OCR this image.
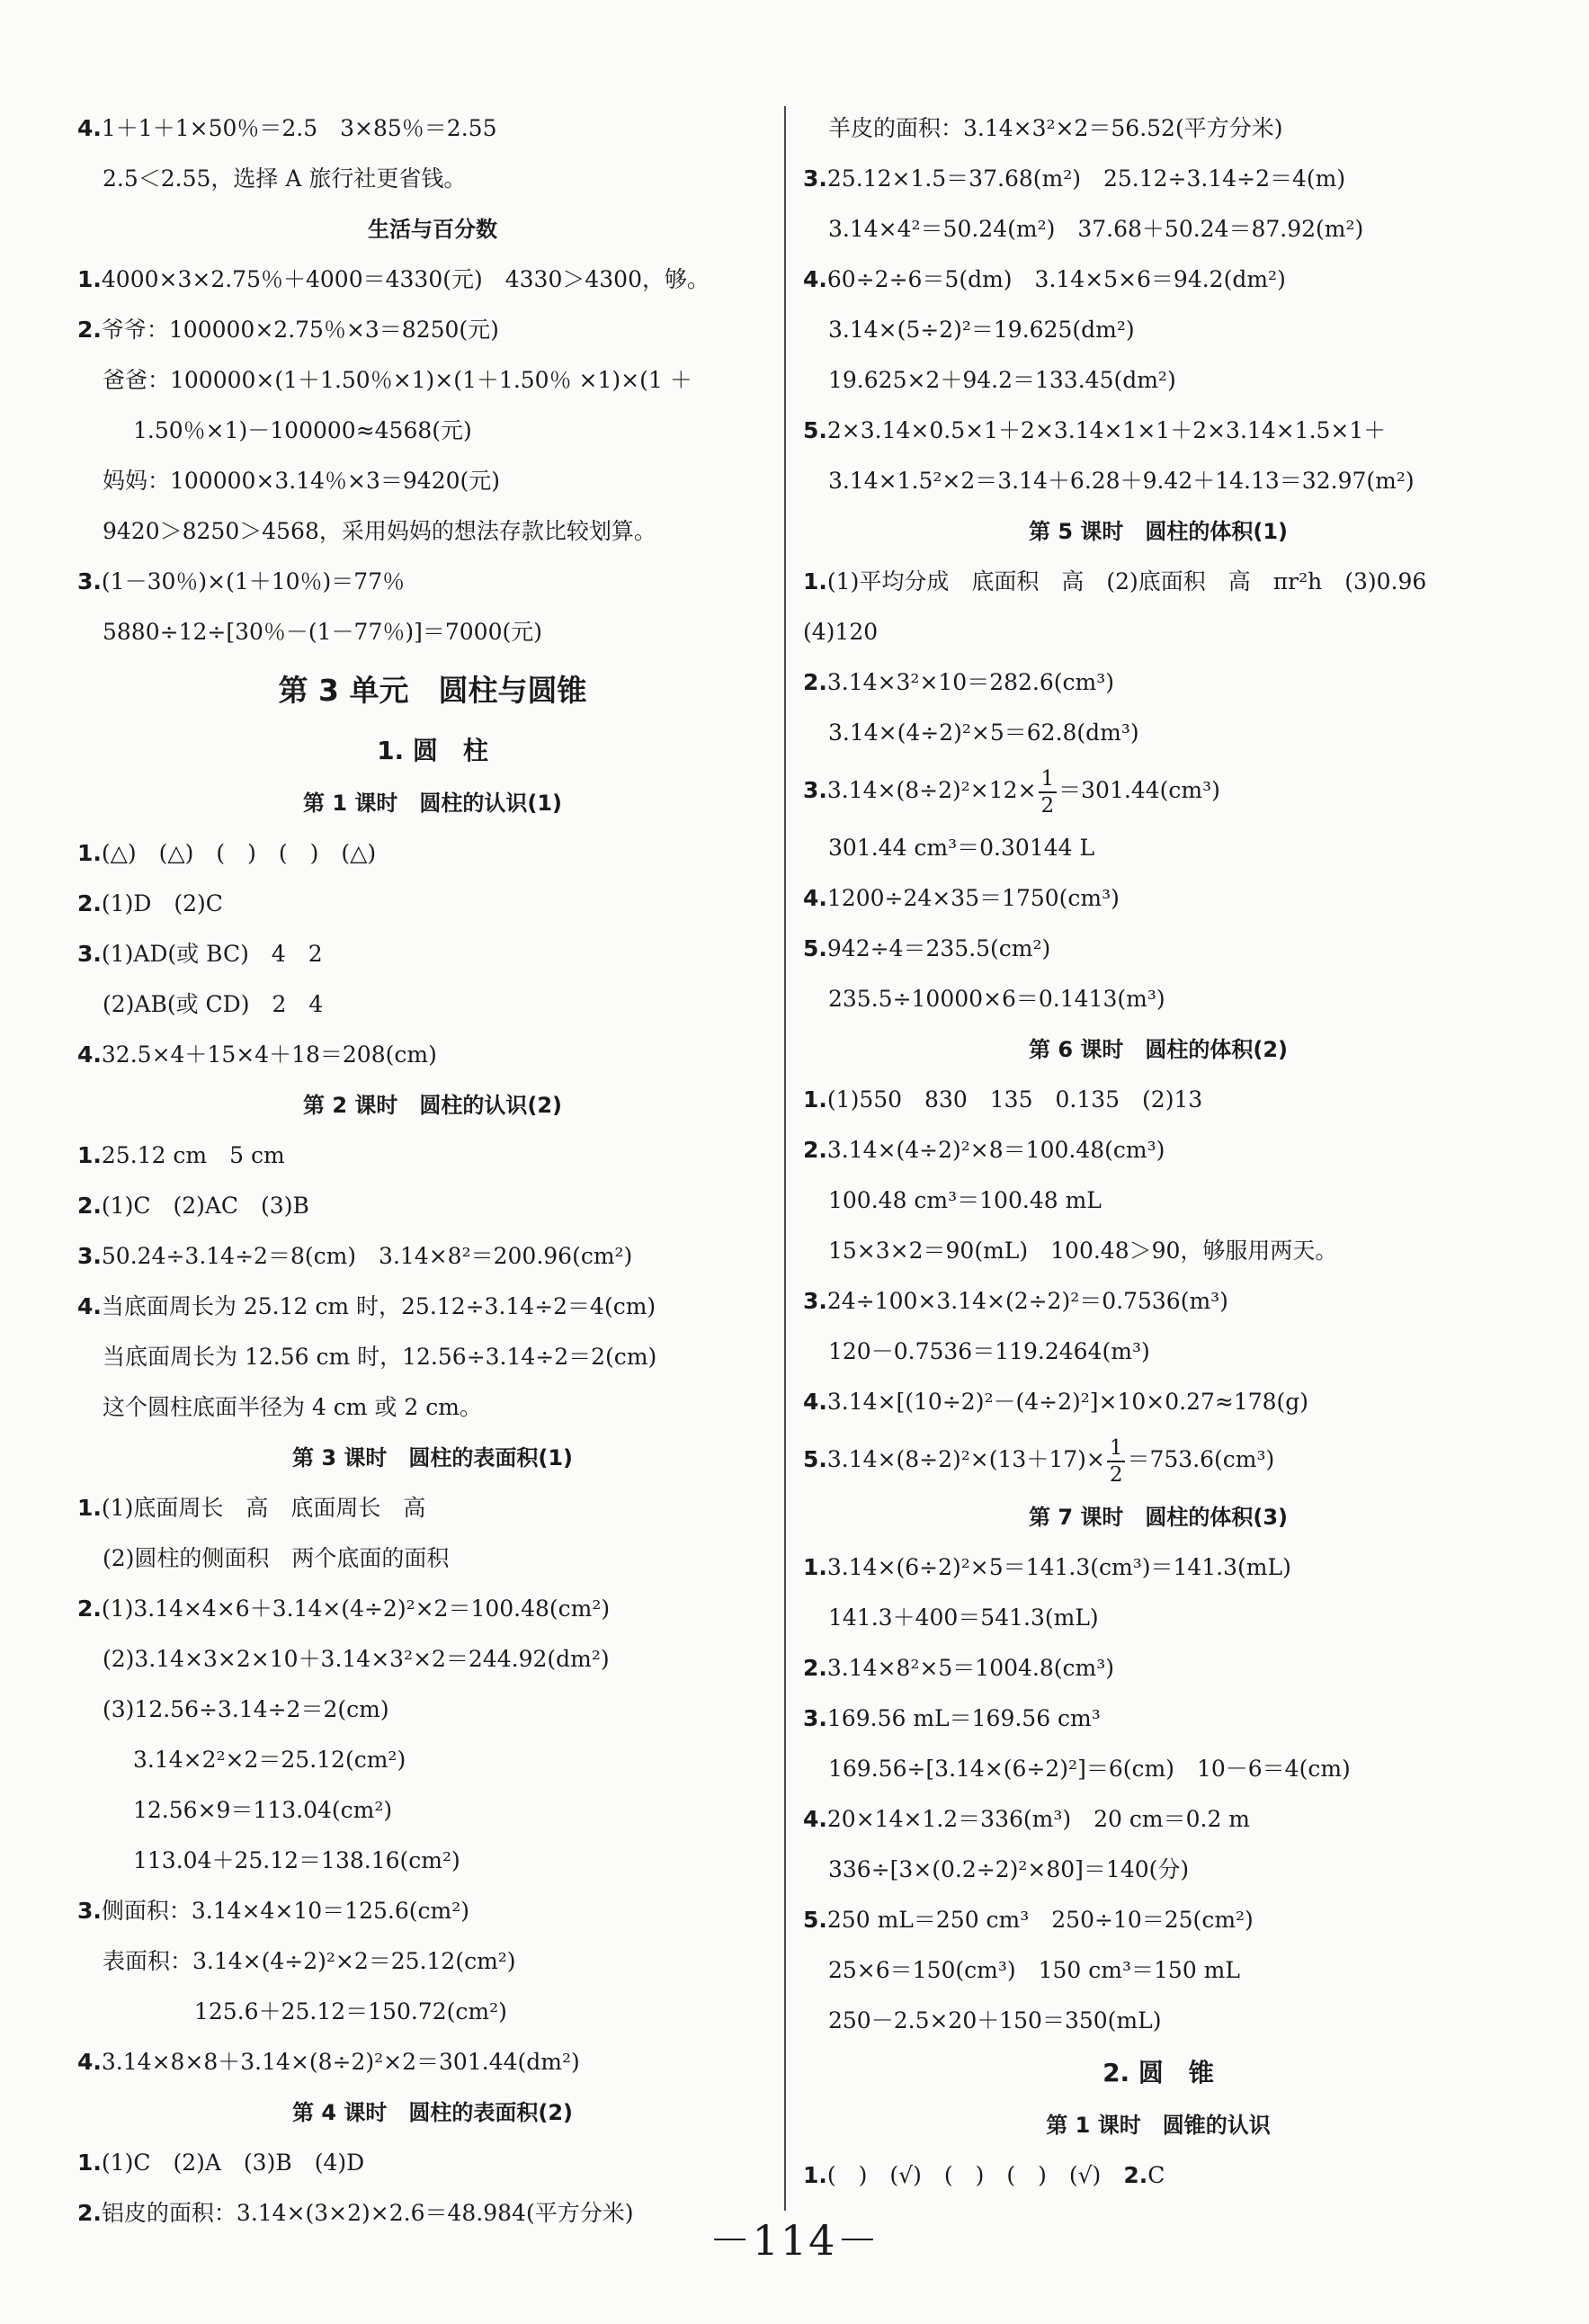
4.1＋1＋1×50％＝2.5　3×85％＝2.55
2.5＜2.55，选择 A 旅行社更省钱。
生活与百分数
1.4000×3×2.75％＋4000＝4330(元)　4330＞4300，够。
2.爷爷：100000×2.75％×3＝8250(元)
爸爸：100000×(1＋1.50％×1)×(1＋1.50％ ×1)×(1 ＋
1.50％×1)－100000≈4568(元)
妈妈：100000×3.14％×3＝9420(元)
9420＞8250＞4568，采用妈妈的想法存款比较划算。
3.(1－30％)×(1＋10％)＝77％
5880÷12÷[30％－(1－77％)]＝7000(元)
第 3 单元　圆柱与圆锥
1. 圆　柱
第 1 课时　圆柱的认识(1)
1.(△)　(△)　(　)　(　)　(△)
2.(1)D　(2)C
3.(1)AD(或 BC)　4　2
(2)AB(或 CD)　2　4
4.32.5×4＋15×4＋18＝208(cm)
第 2 课时　圆柱的认识(2)
1.25.12 cm　5 cm
2.(1)C　(2)AC　(3)B
3.50.24÷3.14÷2＝8(cm)　3.14×8²＝200.96(cm²)
4.当底面周长为 25.12 cm 时，25.12÷3.14÷2＝4(cm)
当底面周长为 12.56 cm 时，12.56÷3.14÷2＝2(cm)
这个圆柱底面半径为 4 cm 或 2 cm。
第 3 课时　圆柱的表面积(1)
1.(1)底面周长　高　底面周长　高
(2)圆柱的侧面积　两个底面的面积
2.(1)3.14×4×6＋3.14×(4÷2)²×2＝100.48(cm²)
(2)3.14×3×2×10＋3.14×3²×2＝244.92(dm²)
(3)12.56÷3.14÷2＝2(cm)
3.14×2²×2＝25.12(cm²)
12.56×9＝113.04(cm²)
113.04＋25.12＝138.16(cm²)
3.侧面积：3.14×4×10＝125.6(cm²)
表面积：3.14×(4÷2)²×2＝25.12(cm²)
125.6＋25.12＝150.72(cm²)
4.3.14×8×8＋3.14×(8÷2)²×2＝301.44(dm²)
第 4 课时　圆柱的表面积(2)
1.(1)C　(2)A　(3)B　(4)D
2.铝皮的面积：3.14×(3×2)×2.6＝48.984(平方分米)
羊皮的面积：3.14×3²×2＝56.52(平方分米)
3.25.12×1.5＝37.68(m²)　25.12÷3.14÷2＝4(m)
3.14×4²＝50.24(m²)　37.68＋50.24＝87.92(m²)
4.60÷2÷6＝5(dm)　3.14×5×6＝94.2(dm²)
3.14×(5÷2)²＝19.625(dm²)
19.625×2＋94.2＝133.45(dm²)
5.2×3.14×0.5×1＋2×3.14×1×1＋2×3.14×1.5×1＋
3.14×1.5²×2＝3.14＋6.28＋9.42＋14.13＝32.97(m²)
第 5 课时　圆柱的体积(1)
1.(1)平均分成　底面积　高　(2)底面积　高　πr²h　(3)0.96
(4)120
2.3.14×3²×10＝282.6(cm³)
3.14×(4÷2)²×5＝62.8(dm³)
$3.3.14\times(8\div 2)^2\times 12\times \frac{1}{2} =301.44(cm^3)$
301.44 cm³＝0.30144 L
4.1200÷24×35＝1750(cm³)
5.942÷4＝235.5(cm²)
235.5÷10000×6＝0.1413(m³)
第 6 课时　圆柱的体积(2)
1.(1)550　830　135　0.135　(2)13
2.3.14×(4÷2)²×8＝100.48(cm³)
100.48 cm³＝100.48 mL
15×3×2＝90(mL)　100.48＞90，够服用两天。
3.24÷100×3.14×(2÷2)²＝0.7536(m³)
120－0.7536＝119.2464(m³)
4.3.14×[(10÷2)²－(4÷2)²]×10×0.27≈178(g)
$5.3.14\times(8\div 2)^2\times(13+17)\times \frac{1}{2} =753.6(cm^3)$
第 7 课时　圆柱的体积(3)
1.3.14×(6÷2)²×5＝141.3(cm³)＝141.3(mL)
141.3＋400＝541.3(mL)
2.3.14×8²×5＝1004.8(cm³)
3.169.56 mL＝169.56 cm³
169.56÷[3.14×(6÷2)²]＝6(cm)　10－6＝4(cm)
4.20×14×1.2＝336(m³)　20 cm＝0.2 m
336÷[3×(0.2÷2)²×80]＝140(分)
5.250 mL＝250 cm³　250÷10＝25(cm²)
25×6＝150(cm³)　150 cm³＝150 mL
250－2.5×20＋150＝350(mL)
2. 圆　锥
第 1 课时　圆锥的认识
1.(　)　(√)　(　)　(　)　(√)　 2.C
－114－
